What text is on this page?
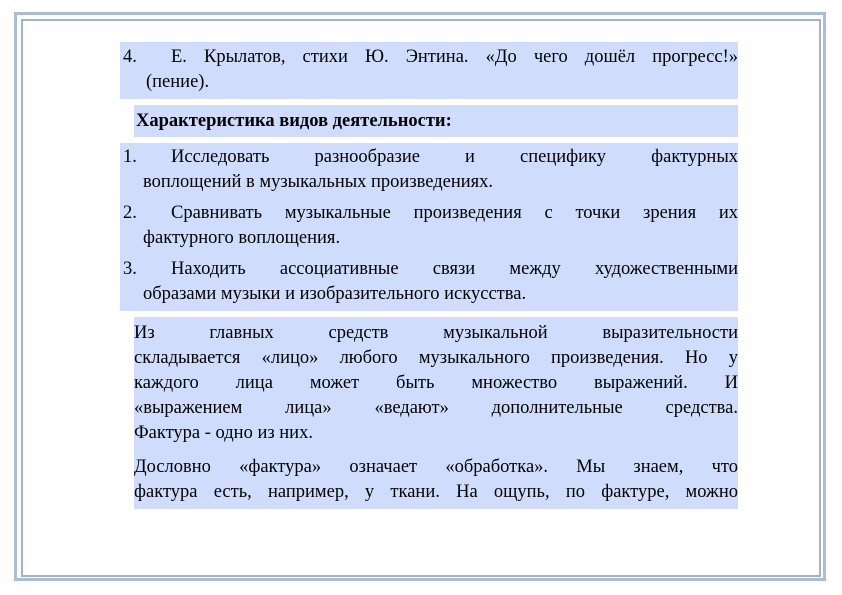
4.	Е. Крылатов, стихи Ю. Энтина. «До чего дошёл прогресс!»
(пение).
Характеристика видов деятельности:
1.	Исследовать разнообразие и специфику фактурных
воплощений в музыкальных произведениях.
2.	Сравнивать музыкальные произведения с точки зрения их
фактурного воплощения.
3.	Находить ассоциативные связи между художественными
образами музыки и изобразительного искусства.
Из главных средств музыкальной выразительности
складывается «лицо» любого музыкального произведения. Но у
каждого лица может быть множество выражений. И
«выражением лица» «ведают» дополнительные средства.
Фактура - одно из них.
Дословно «фактура» означает «обработка». Мы знаем, что
фактура есть, например, у ткани. На ощупь, по фактуре, можно
